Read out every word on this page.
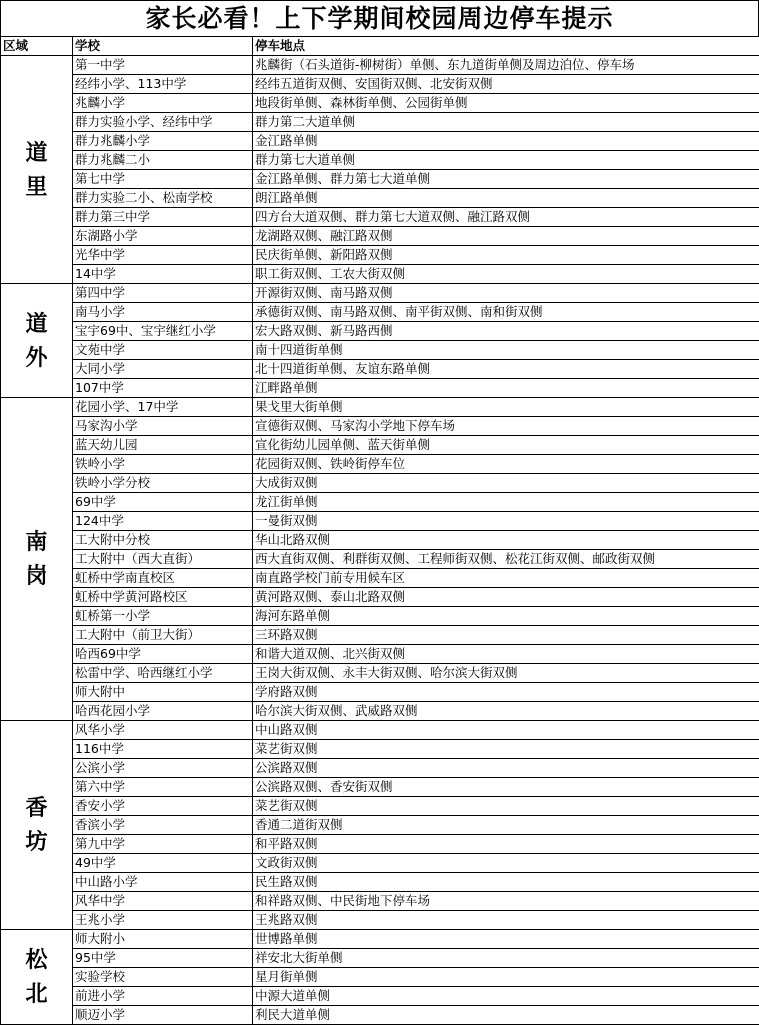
家长必看！上下学期间校园周边停车提示
区域	学校	停车地点
道里	第一中学	兆麟街（石头道街-柳树街）单侧、东九道街单侧及周边泊位、停车场
	经纬小学、113中学	经纬五道街双侧、安国街双侧、北安街双侧
	兆麟小学	地段街单侧、森林街单侧、公园街单侧
	群力实验小学、经纬中学	群力第二大道单侧
	群力兆麟小学	金江路单侧
	群力兆麟二小	群力第七大道单侧
	第七中学	金江路单侧、群力第七大道单侧
	群力实验二小、松南学校	朗江路单侧
	群力第三中学	四方台大道双侧、群力第七大道双侧、融江路双侧
	东湖路小学	龙湖路双侧、融江路双侧
	光华中学	民庆街单侧、新阳路双侧
	14中学	职工街双侧、工农大街双侧
道外	第四中学	开源街双侧、南马路双侧
	南马小学	承德街双侧、南马路双侧、南平街双侧、南和街双侧
	宝宇69中、宝宇继红小学	宏大路双侧、新马路西侧
	文苑中学	南十四道街单侧
	大同小学	北十四道街单侧、友谊东路单侧
	107中学	江畔路单侧
南岗	花园小学、17中学	果戈里大街单侧
	马家沟小学	宣德街双侧、马家沟小学地下停车场
	蓝天幼儿园	宣化街幼儿园单侧、蓝天街单侧
	铁岭小学	花园街双侧、铁岭街停车位
	铁岭小学分校	大成街双侧
	69中学	龙江街单侧
	124中学	一曼街双侧
	工大附中分校	华山北路双侧
	工大附中（西大直街）	西大直街双侧、利群街双侧、工程师街双侧、松花江街双侧、邮政街双侧
	虹桥中学南直校区	南直路学校门前专用候车区
	虹桥中学黄河路校区	黄河路双侧、泰山北路双侧
	虹桥第一小学	海河东路单侧
	工大附中（前卫大街）	三环路双侧
	哈西69中学	和谐大道双侧、北兴街双侧
	松雷中学、哈西继红小学	王岗大街双侧、永丰大街双侧、哈尔滨大街双侧
	师大附中	学府路双侧
	哈西花园小学	哈尔滨大街双侧、武威路双侧
香坊	风华小学	中山路双侧
	116中学	菜艺街双侧
	公滨小学	公滨路双侧
	第六中学	公滨路双侧、香安街双侧
	香安小学	菜艺街双侧
	香滨小学	香通二道街双侧
	第九中学	和平路双侧
	49中学	文政街双侧
	中山路小学	民生路双侧
	风华中学	和祥路双侧、中民街地下停车场
	王兆小学	王兆路双侧
松北	师大附小	世博路单侧
	95中学	祥安北大街单侧
	实验学校	星月街单侧
	前进小学	中源大道单侧
	顺迈小学	利民大道单侧
